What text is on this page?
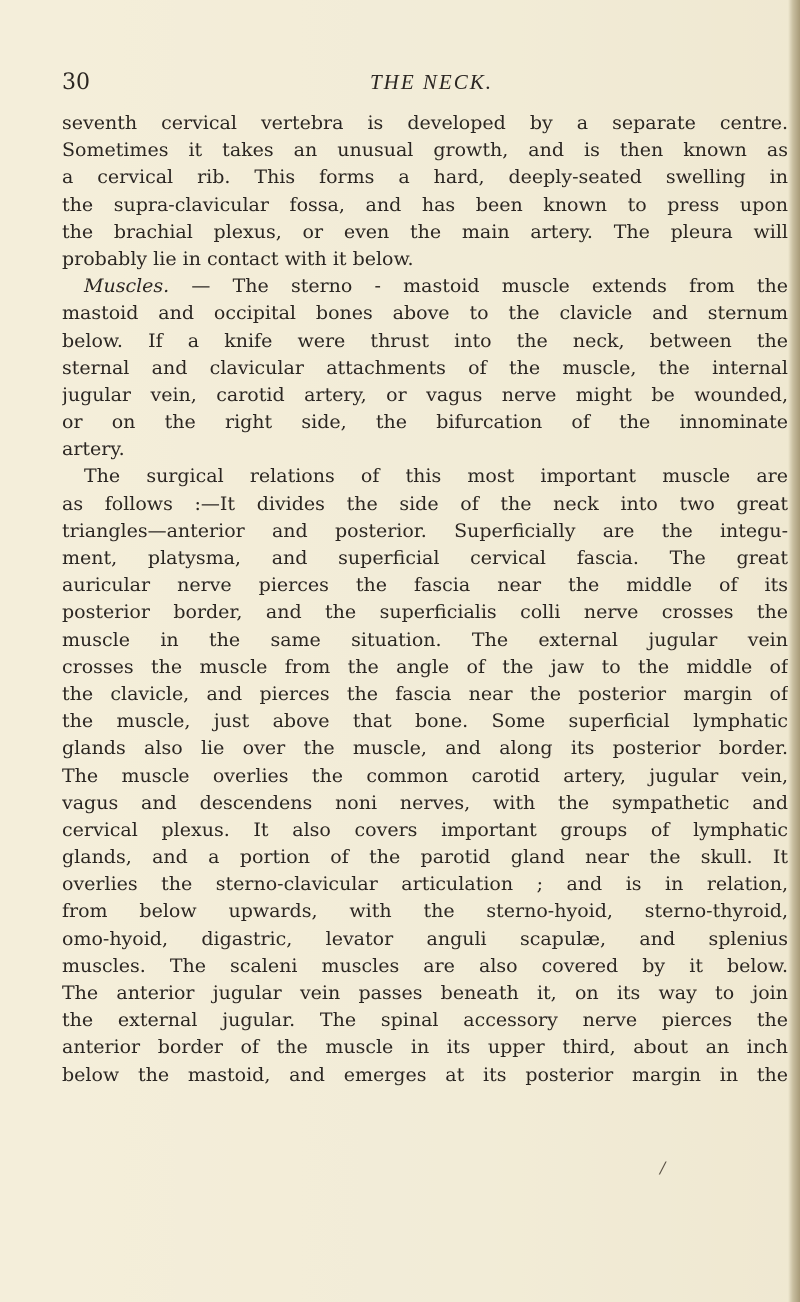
30	THE NECK.
seventh cervical vertebra is developed by a separate centre.
Sometimes it takes an unusual growth, and is then known as
a cervical rib. This forms a hard, deeply-seated swelling in
the supra-clavicular fossa, and has been known to press upon
the brachial plexus, or even the main artery. The pleura will
probably lie in contact with it below.
Muscles. — The sterno - mastoid muscle extends from the
mastoid and occipital bones above to the clavicle and sternum
below. If a knife were thrust into the neck, between the
sternal and clavicular attachments of the muscle, the internal
jugular vein, carotid artery, or vagus nerve might be wounded,
or on the right side, the bifurcation of the innominate
artery.
The surgical relations of this most important muscle are
as follows :—It divides the side of the neck into two great
triangles—anterior and posterior. Superficially are the integu-
ment, platysma, and superficial cervical fascia. The great
auricular nerve pierces the fascia near the middle of its
posterior border, and the superficialis colli nerve crosses the
muscle in the same situation. The external jugular vein
crosses the muscle from the angle of the jaw to the middle of
the clavicle, and pierces the fascia near the posterior margin of
the muscle, just above that bone. Some superficial lymphatic
glands also lie over the muscle, and along its posterior border.
The muscle overlies the common carotid artery, jugular vein,
vagus and descendens noni nerves, with the sympathetic and
cervical plexus. It also covers important groups of lymphatic
glands, and a portion of the parotid gland near the skull. It
overlies the sterno-clavicular articulation ; and is in relation,
from below upwards, with the sterno-hyoid, sterno-thyroid,
omo-hyoid, digastric, levator anguli scapulæ, and splenius
muscles. The scaleni muscles are also covered by it below.
The anterior jugular vein passes beneath it, on its way to join
the external jugular. The spinal accessory nerve pierces the
anterior border of the muscle in its upper third, about an inch
below the mastoid, and emerges at its posterior margin in the
/
